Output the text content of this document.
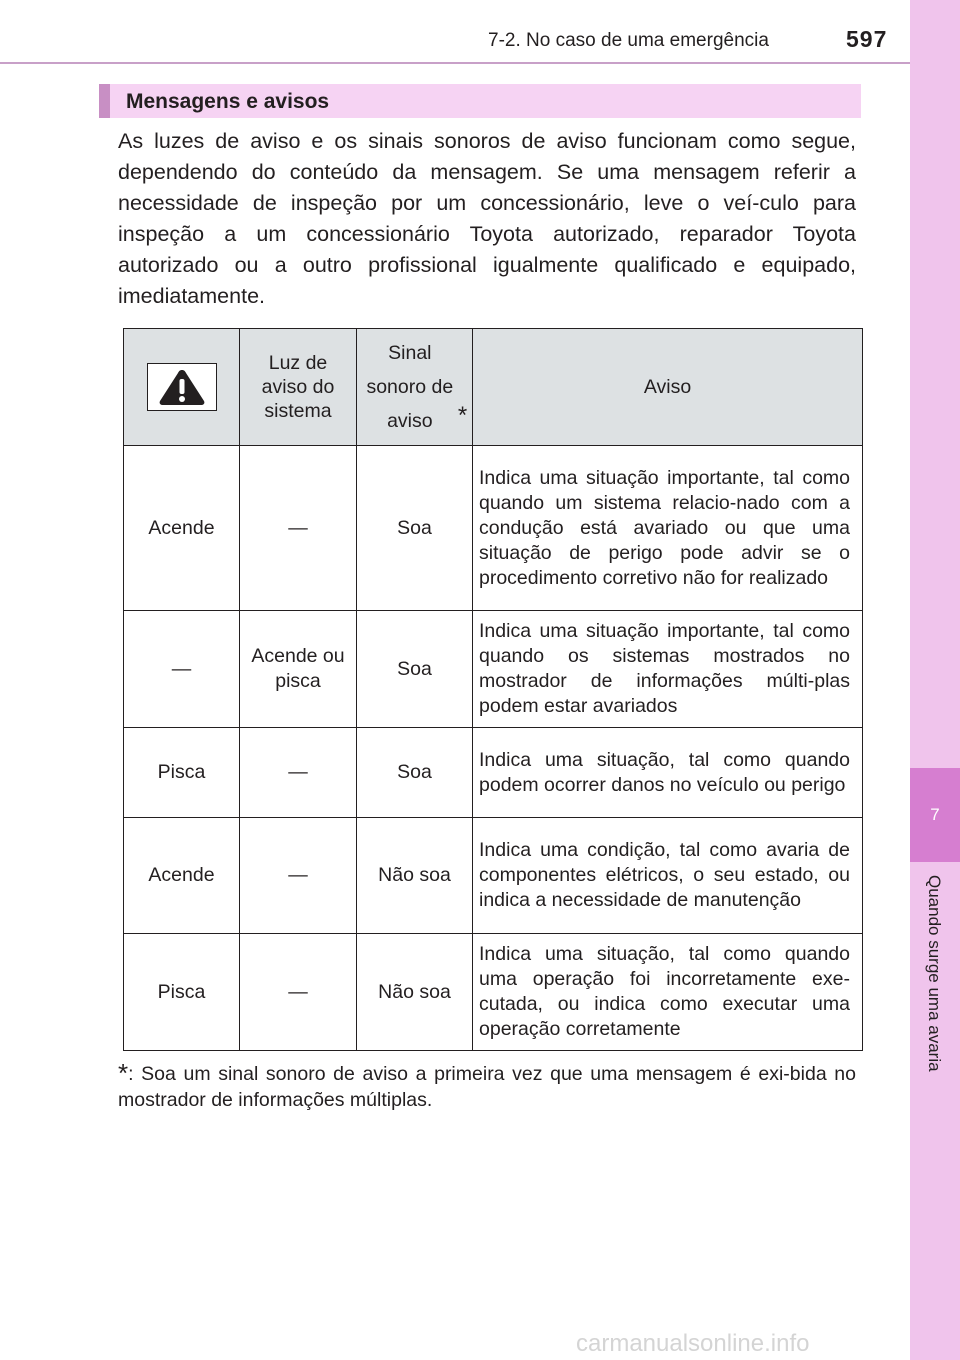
7-2. No caso de uma emergência	597
7
Quando surge uma avaria
Mensagens e avisos
As luzes de aviso e os sinais sonoros de aviso funcionam como segue, dependendo do conteúdo da mensagem. Se uma mensagem referir a necessidade de inspeção por um concessionário, leve o veí-culo para inspeção a um concessionário Toyota autorizado, reparador Toyota autorizado ou a outro profissional igualmente qualificado e equipado, imediatamente.
	Luz de aviso do sistema	Sinal sonoro de aviso *	Aviso
Acende	—	Soa	Indica uma situação importante, tal como quando um sistema relacio-nado com a condução está avariado ou que uma situação de perigo pode advir se o procedimento corretivo não for realizado
—	Acende ou pisca	Soa	Indica uma situação importante, tal como quando os sistemas mostrados no mostrador de informações múlti-plas podem estar avariados
Pisca	—	Soa	Indica uma situação, tal como quando podem ocorrer danos no veículo ou perigo
Acende	—	Não soa	Indica uma condição, tal como avaria de componentes elétricos, o seu estado, ou indica a necessidade de manutenção
Pisca	—	Não soa	Indica uma situação, tal como quando uma operação foi incorretamente exe-cutada, ou indica como executar uma operação corretamente
*: Soa um sinal sonoro de aviso a primeira vez que uma mensagem é exi-bida no mostrador de informações múltiplas.
carmanualsonline.info
